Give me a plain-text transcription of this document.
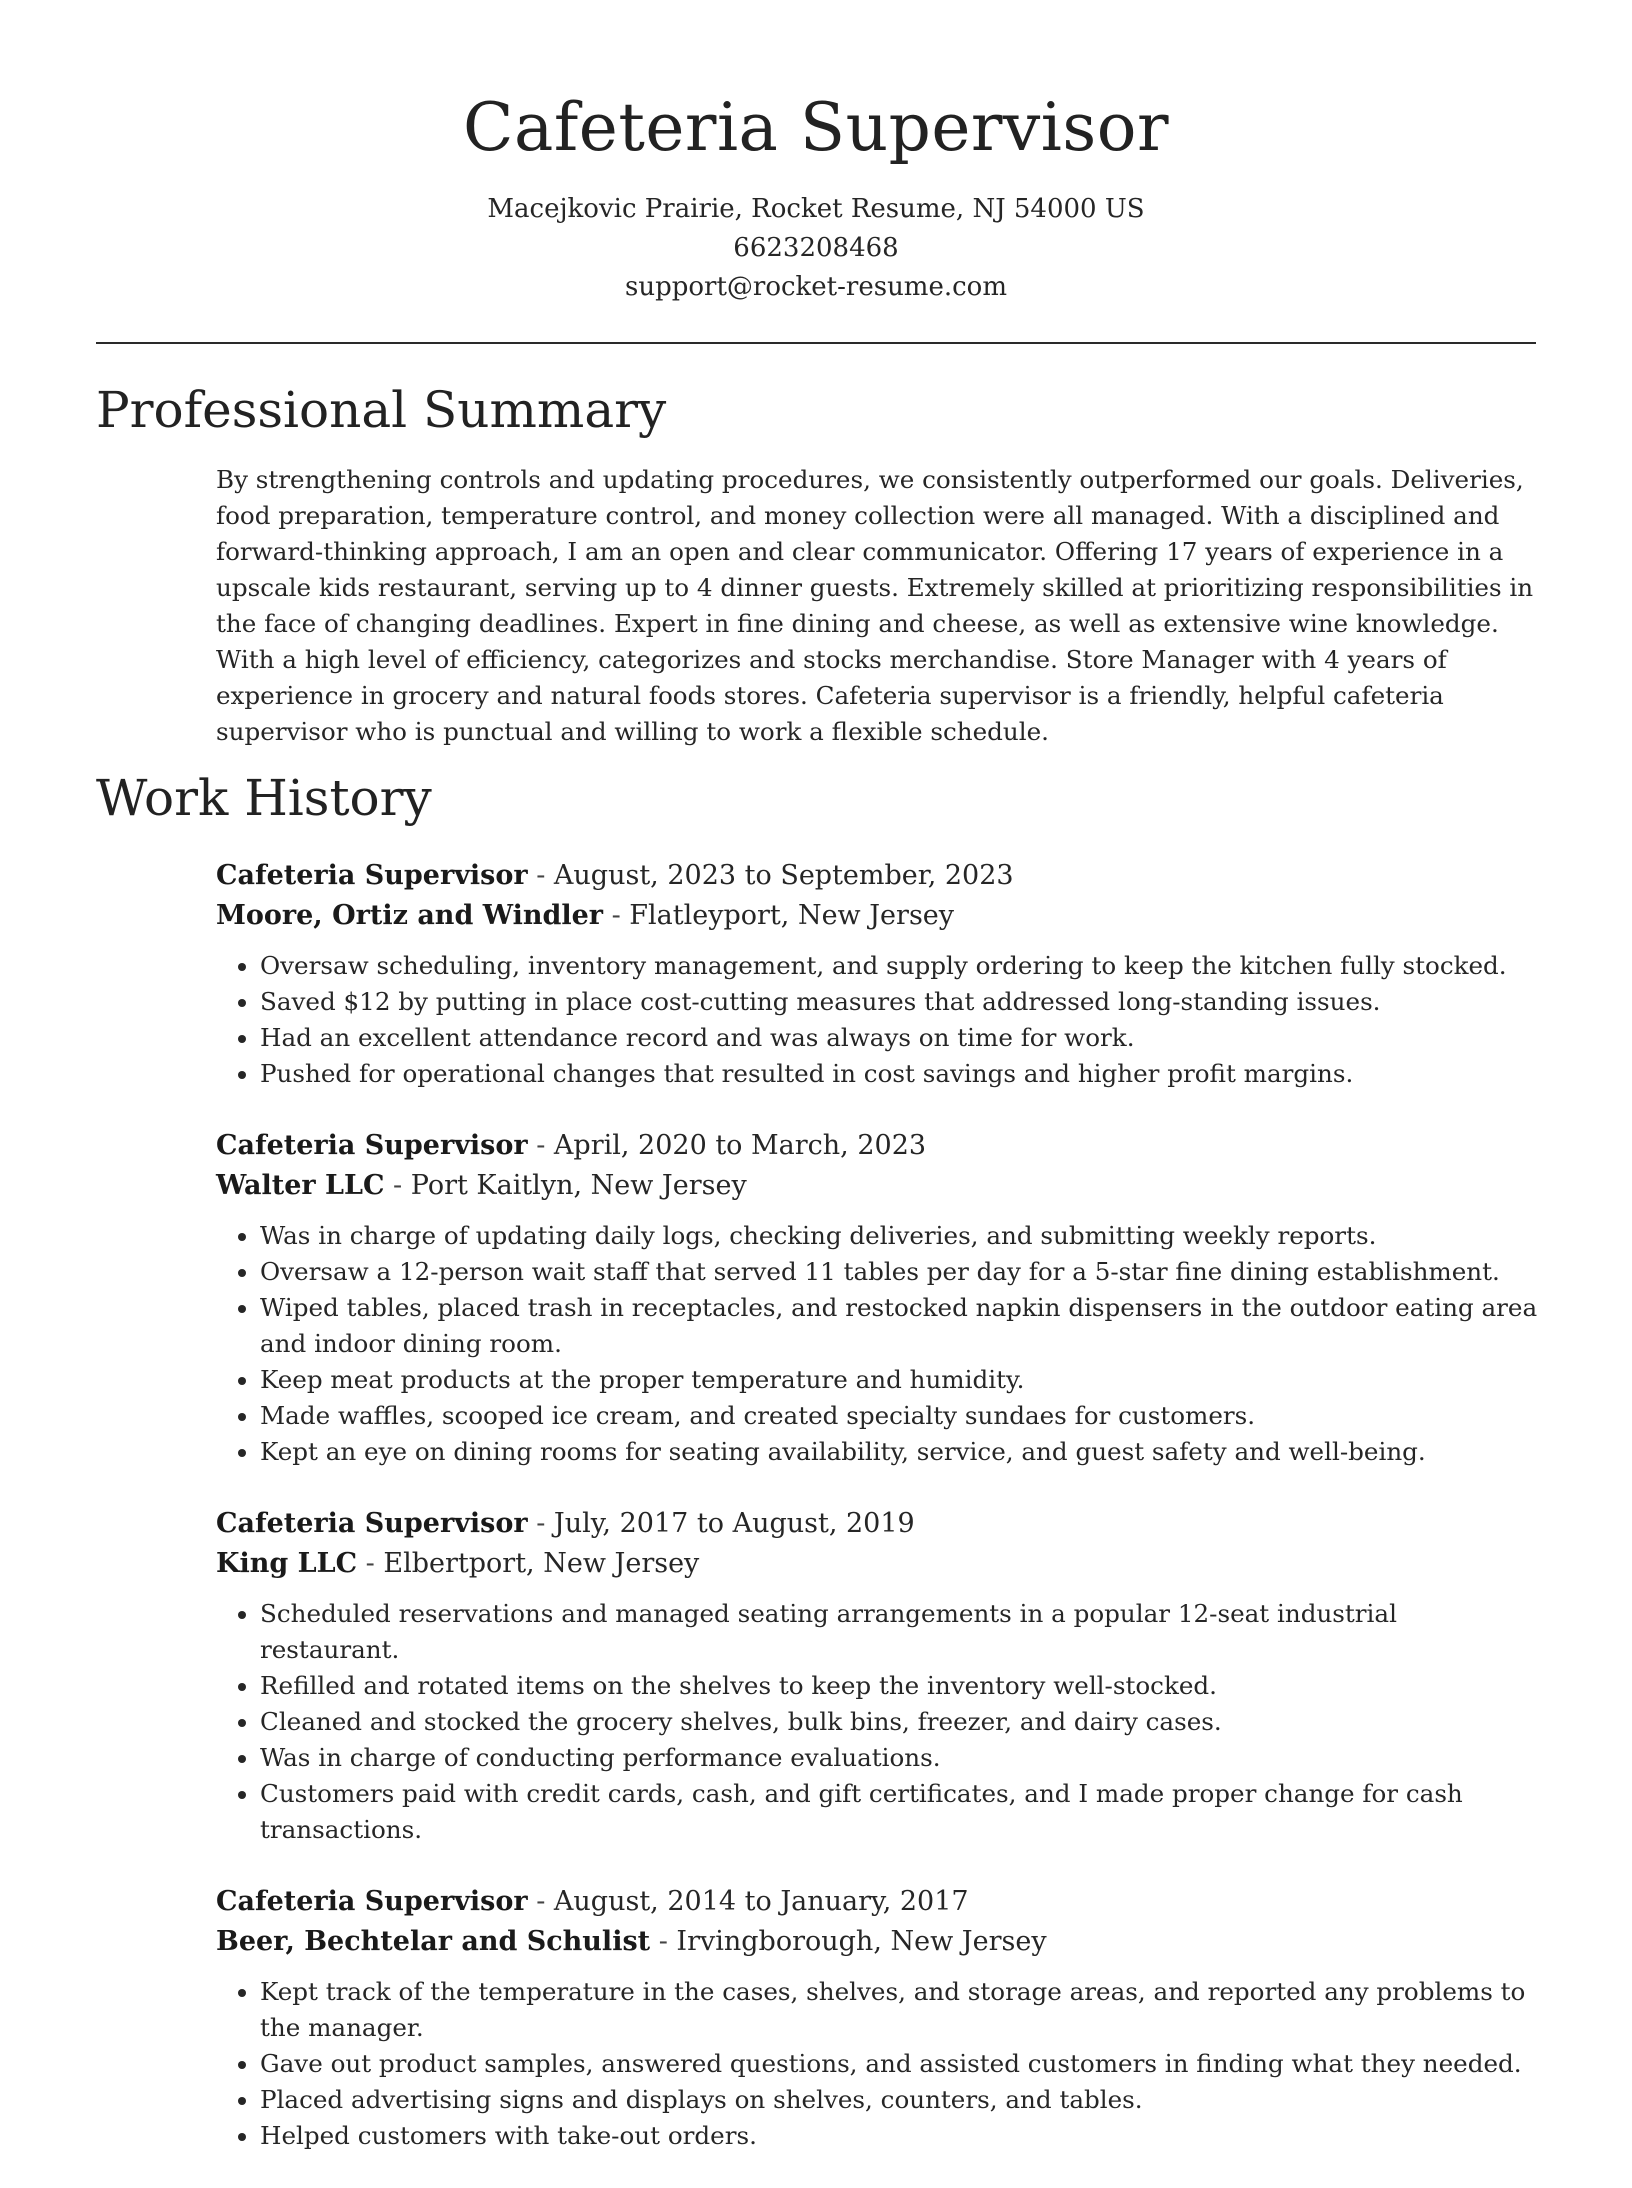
Cafeteria Supervisor
Macejkovic Prairie, Rocket Resume, NJ 54000 US
6623208468
support@rocket-resume.com
Professional Summary

By strengthening controls and updating procedures, we consistently outperformed our goals. Deliveries, food preparation, temperature control, and money collection were all managed. With a disciplined and forward-thinking approach, I am an open and clear communicator. Offering 17 years of experience in a upscale kids restaurant, serving up to 4 dinner guests. Extremely skilled at prioritizing responsibilities in the face of changing deadlines. Expert in fine dining and cheese, as well as extensive wine knowledge. With a high level of efficiency, categorizes and stocks merchandise. Store Manager with 4 years of experience in grocery and natural foods stores. Cafeteria supervisor is a friendly, helpful cafeteria supervisor who is punctual and willing to work a flexible schedule.

Work History

Cafeteria Supervisor - August, 2023 to September, 2023

Moore, Ortiz and Windler - Flatleyport, New Jersey

• Oversaw scheduling, inventory management, and supply ordering to keep the kitchen fully stocked.
• Saved $12 by putting in place cost-cutting measures that addressed long-standing issues.
• Had an excellent attendance record and was always on time for work.
• Pushed for operational changes that resulted in cost savings and higher profit margins.

Cafeteria Supervisor - April, 2020 to March, 2023

Walter LLC - Port Kaitlyn, New Jersey

• Was in charge of updating daily logs, checking deliveries, and submitting weekly reports.
• Oversaw a 12-person wait staff that served 11 tables per day for a 5-star fine dining establishment.
• Wiped tables, placed trash in receptacles, and restocked napkin dispensers in the outdoor eating area and indoor dining room.
• Keep meat products at the proper temperature and humidity.
• Made waffles, scooped ice cream, and created specialty sundaes for customers.
• Kept an eye on dining rooms for seating availability, service, and guest safety and well-being.

Cafeteria Supervisor - July, 2017 to August, 2019

King LLC - Elbertport, New Jersey

• Scheduled reservations and managed seating arrangements in a popular 12-seat industrial restaurant.
• Refilled and rotated items on the shelves to keep the inventory well-stocked.
• Cleaned and stocked the grocery shelves, bulk bins, freezer, and dairy cases.
• Was in charge of conducting performance evaluations.
• Customers paid with credit cards, cash, and gift certificates, and I made proper change for cash transactions.

Cafeteria Supervisor - August, 2014 to January, 2017

Beer, Bechtelar and Schulist - Irvingborough, New Jersey

• Kept track of the temperature in the cases, shelves, and storage areas, and reported any problems to the manager.
• Gave out product samples, answered questions, and assisted customers in finding what they needed.
• Placed advertising signs and displays on shelves, counters, and tables.
• Helped customers with take-out orders.
